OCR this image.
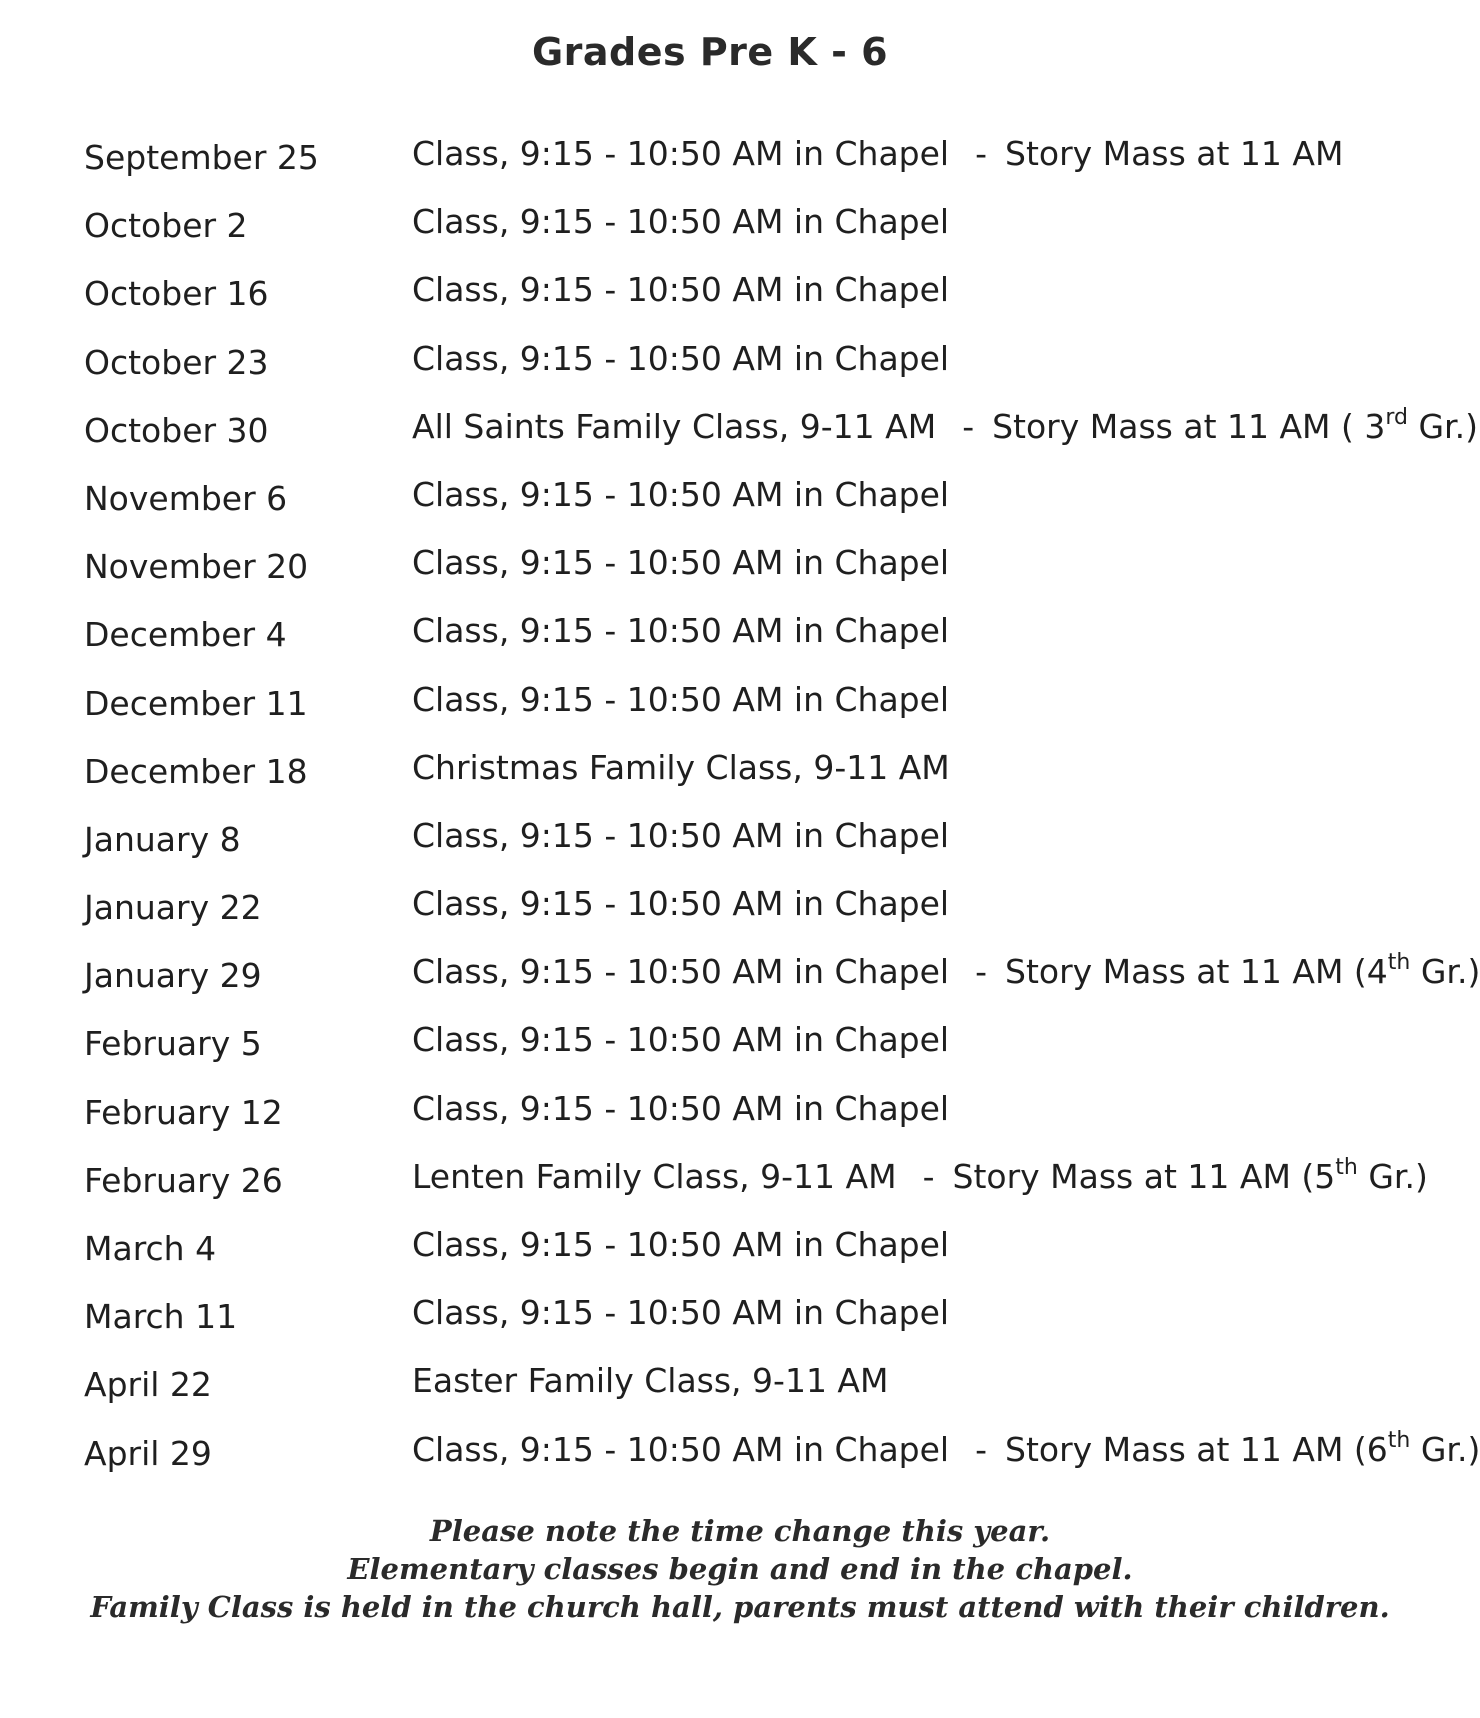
Grades Pre K - 6
September 25	Class, 9:15 - 10:50 AM in Chapel - Story Mass at 11 AM
October 2	Class, 9:15 - 10:50 AM in Chapel
October 16	Class, 9:15 - 10:50 AM in Chapel
October 23	Class, 9:15 - 10:50 AM in Chapel
October 30	All Saints Family Class, 9-11 AM - Story Mass at 11 AM ( 3rd Gr.)
November 6	Class, 9:15 - 10:50 AM in Chapel
November 20	Class, 9:15 - 10:50 AM in Chapel
December 4	Class, 9:15 - 10:50 AM in Chapel
December 11	Class, 9:15 - 10:50 AM in Chapel
December 18	Christmas Family Class, 9-11 AM
January 8	Class, 9:15 - 10:50 AM in Chapel
January 22	Class, 9:15 - 10:50 AM in Chapel
January 29	Class, 9:15 - 10:50 AM in Chapel - Story Mass at 11 AM (4th Gr.)
February 5	Class, 9:15 - 10:50 AM in Chapel
February 12	Class, 9:15 - 10:50 AM in Chapel
February 26	Lenten Family Class, 9-11 AM - Story Mass at 11 AM (5th Gr.)
March 4	Class, 9:15 - 10:50 AM in Chapel
March 11	Class, 9:15 - 10:50 AM in Chapel
April 22	Easter Family Class, 9-11 AM
April 29	Class, 9:15 - 10:50 AM in Chapel - Story Mass at 11 AM (6th Gr.)
Please note the time change this year.
Elementary classes begin and end in the chapel.
Family Class is held in the church hall, parents must attend with their children.
